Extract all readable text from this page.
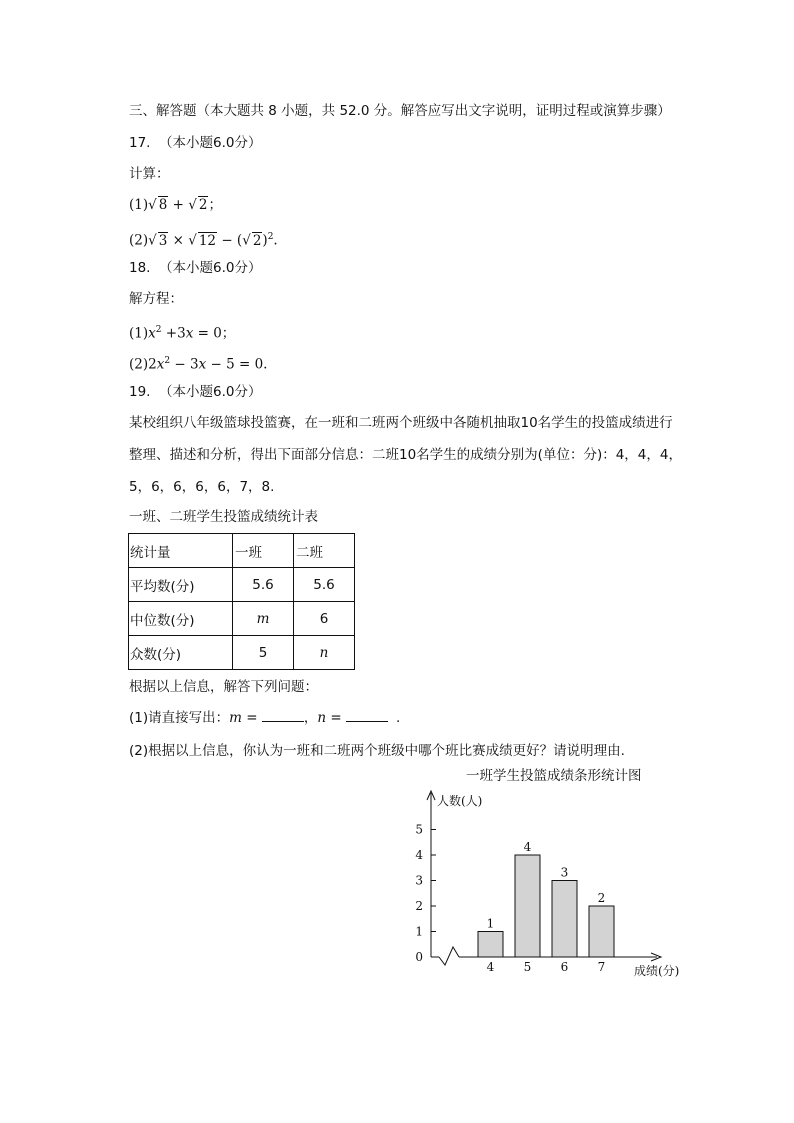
三、解答题（本大题共 8 小题，共 52.0 分。解答应写出文字说明，证明过程或演算步骤）
17.  （本小题6.0分）
计算：
(1)√ 8 + √ 2；
(2)√ 3 × √ 12 − (√ 2)$^2$.
18.  （本小题6.0分）
解方程：
$(1)x^2 +3x = 0$；
$(2)2x^2 - 3x - 5 = 0$.
19.  （本小题6.0分）
某校组织八年级篮球投篮赛，在一班和二班两个班级中各随机抽取10名学生的投篮成绩进行
整理、描述和分析，得出下面部分信息：二班10名学生的成绩分别为(单位：分)：4，4，4，
5，6，6，6，6，7，8.
一班、二班学生投篮成绩统计表
统计量	一班	二班
平均数(分)	5.6	5.6
中位数(分)	m	6
众数(分)	5	n
根据以上信息，解答下列问题：
(1)请直接写出：m =	，n =	.
(2)根据以上信息，你认为一班和二班两个班级中哪个班比赛成绩更好？请说明理由.
一班学生投篮成绩条形统计图
0
1
2
3
4
5
人数(人)
成绩(分)
1
4
4
5
3
6
2
7
